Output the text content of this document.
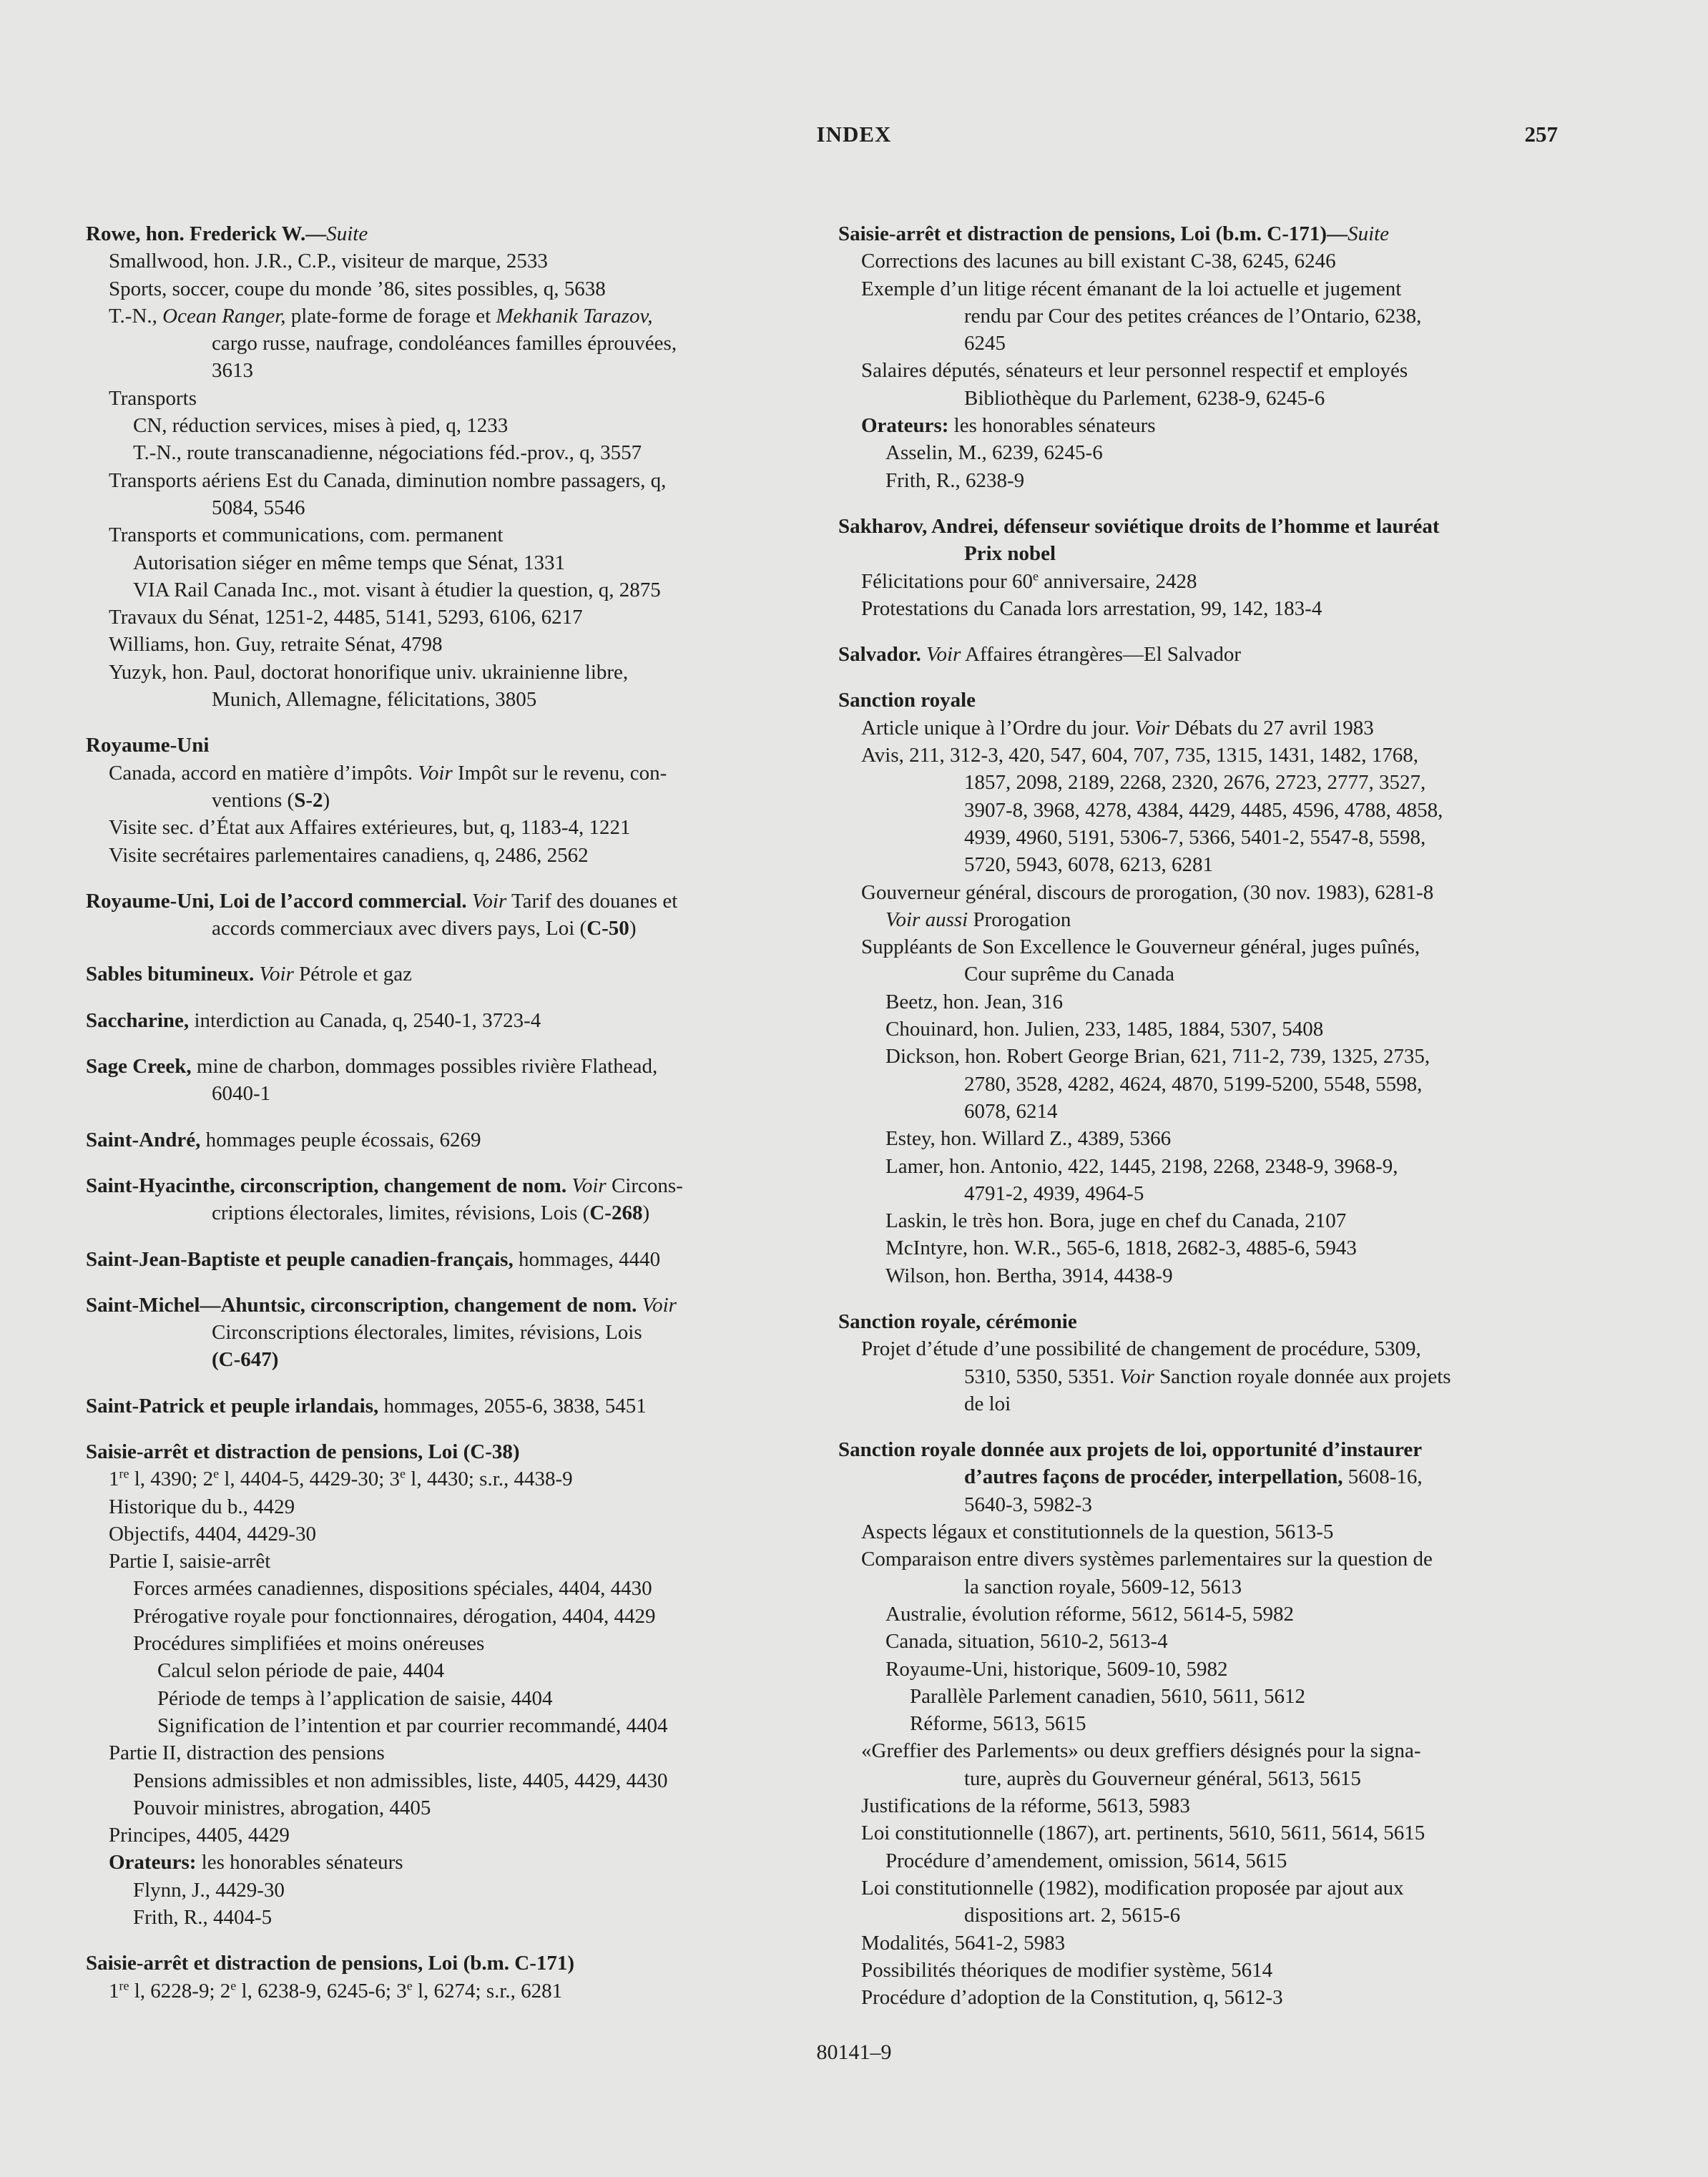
INDEX	257
Rowe, hon. Frederick W.—Suite
Smallwood, hon. J.R., C.P., visiteur de marque, 2533
Sports, soccer, coupe du monde ’86, sites possibles, q, 5638
T.-N., Ocean Ranger, plate-forme de forage et Mekhanik Tarazov,
cargo russe, naufrage, condoléances familles éprouvées,
3613
Transports
CN, réduction services, mises à pied, q, 1233
T.-N., route transcanadienne, négociations féd.-prov., q, 3557
Transports aériens Est du Canada, diminution nombre passagers, q,
5084, 5546
Transports et communications, com. permanent
Autorisation siéger en même temps que Sénat, 1331
VIA Rail Canada Inc., mot. visant à étudier la question, q, 2875
Travaux du Sénat, 1251-2, 4485, 5141, 5293, 6106, 6217
Williams, hon. Guy, retraite Sénat, 4798
Yuzyk, hon. Paul, doctorat honorifique univ. ukrainienne libre,
Munich, Allemagne, félicitations, 3805
Royaume-Uni
Canada, accord en matière d’impôts. Voir Impôt sur le revenu, con-
ventions (S-2)
Visite sec. d’État aux Affaires extérieures, but, q, 1183-4, 1221
Visite secrétaires parlementaires canadiens, q, 2486, 2562
Royaume-Uni, Loi de l’accord commercial. Voir Tarif des douanes et
accords commerciaux avec divers pays, Loi (C-50)
Sables bitumineux. Voir Pétrole et gaz
Saccharine, interdiction au Canada, q, 2540-1, 3723-4
Sage Creek, mine de charbon, dommages possibles rivière Flathead,
6040-1
Saint-André, hommages peuple écossais, 6269
Saint-Hyacinthe, circonscription, changement de nom. Voir Circons-
criptions électorales, limites, révisions, Lois (C-268)
Saint-Jean-Baptiste et peuple canadien-français, hommages, 4440
Saint-Michel—Ahuntsic, circonscription, changement de nom. Voir
Circonscriptions électorales, limites, révisions, Lois
(C-647)
Saint-Patrick et peuple irlandais, hommages, 2055-6, 3838, 5451
Saisie-arrêt et distraction de pensions, Loi (C-38)
1re l, 4390; 2e l, 4404-5, 4429-30; 3e l, 4430; s.r., 4438-9
Historique du b., 4429
Objectifs, 4404, 4429-30
Partie I, saisie-arrêt
Forces armées canadiennes, dispositions spéciales, 4404, 4430
Prérogative royale pour fonctionnaires, dérogation, 4404, 4429
Procédures simplifiées et moins onéreuses
Calcul selon période de paie, 4404
Période de temps à l’application de saisie, 4404
Signification de l’intention et par courrier recommandé, 4404
Partie II, distraction des pensions
Pensions admissibles et non admissibles, liste, 4405, 4429, 4430
Pouvoir ministres, abrogation, 4405
Principes, 4405, 4429
Orateurs: les honorables sénateurs
Flynn, J., 4429-30
Frith, R., 4404-5
Saisie-arrêt et distraction de pensions, Loi (b.m. C-171)
1re l, 6228-9; 2e l, 6238-9, 6245-6; 3e l, 6274; s.r., 6281
Saisie-arrêt et distraction de pensions, Loi (b.m. C-171)—Suite
Corrections des lacunes au bill existant C-38, 6245, 6246
Exemple d’un litige récent émanant de la loi actuelle et jugement
rendu par Cour des petites créances de l’Ontario, 6238,
6245
Salaires députés, sénateurs et leur personnel respectif et employés
Bibliothèque du Parlement, 6238-9, 6245-6
Orateurs: les honorables sénateurs
Asselin, M., 6239, 6245-6
Frith, R., 6238-9
Sakharov, Andrei, défenseur soviétique droits de l’homme et lauréat
Prix nobel
Félicitations pour 60e anniversaire, 2428
Protestations du Canada lors arrestation, 99, 142, 183-4
Salvador. Voir Affaires étrangères—El Salvador
Sanction royale
Article unique à l’Ordre du jour. Voir Débats du 27 avril 1983
Avis, 211, 312-3, 420, 547, 604, 707, 735, 1315, 1431, 1482, 1768,
1857, 2098, 2189, 2268, 2320, 2676, 2723, 2777, 3527,
3907-8, 3968, 4278, 4384, 4429, 4485, 4596, 4788, 4858,
4939, 4960, 5191, 5306-7, 5366, 5401-2, 5547-8, 5598,
5720, 5943, 6078, 6213, 6281
Gouverneur général, discours de prorogation, (30 nov. 1983), 6281-8
Voir aussi Prorogation
Suppléants de Son Excellence le Gouverneur général, juges puînés,
Cour suprême du Canada
Beetz, hon. Jean, 316
Chouinard, hon. Julien, 233, 1485, 1884, 5307, 5408
Dickson, hon. Robert George Brian, 621, 711-2, 739, 1325, 2735,
2780, 3528, 4282, 4624, 4870, 5199-5200, 5548, 5598,
6078, 6214
Estey, hon. Willard Z., 4389, 5366
Lamer, hon. Antonio, 422, 1445, 2198, 2268, 2348-9, 3968-9,
4791-2, 4939, 4964-5
Laskin, le très hon. Bora, juge en chef du Canada, 2107
McIntyre, hon. W.R., 565-6, 1818, 2682-3, 4885-6, 5943
Wilson, hon. Bertha, 3914, 4438-9
Sanction royale, cérémonie
Projet d’étude d’une possibilité de changement de procédure, 5309,
5310, 5350, 5351. Voir Sanction royale donnée aux projets
de loi
Sanction royale donnée aux projets de loi, opportunité d’instaurer
d’autres façons de procéder, interpellation, 5608-16,
5640-3, 5982-3
Aspects légaux et constitutionnels de la question, 5613-5
Comparaison entre divers systèmes parlementaires sur la question de
la sanction royale, 5609-12, 5613
Australie, évolution réforme, 5612, 5614-5, 5982
Canada, situation, 5610-2, 5613-4
Royaume-Uni, historique, 5609-10, 5982
Parallèle Parlement canadien, 5610, 5611, 5612
Réforme, 5613, 5615
«Greffier des Parlements» ou deux greffiers désignés pour la signa-
ture, auprès du Gouverneur général, 5613, 5615
Justifications de la réforme, 5613, 5983
Loi constitutionnelle (1867), art. pertinents, 5610, 5611, 5614, 5615
Procédure d’amendement, omission, 5614, 5615
Loi constitutionnelle (1982), modification proposée par ajout aux
dispositions art. 2, 5615-6
Modalités, 5641-2, 5983
Possibilités théoriques de modifier système, 5614
Procédure d’adoption de la Constitution, q, 5612-3
80141–9
